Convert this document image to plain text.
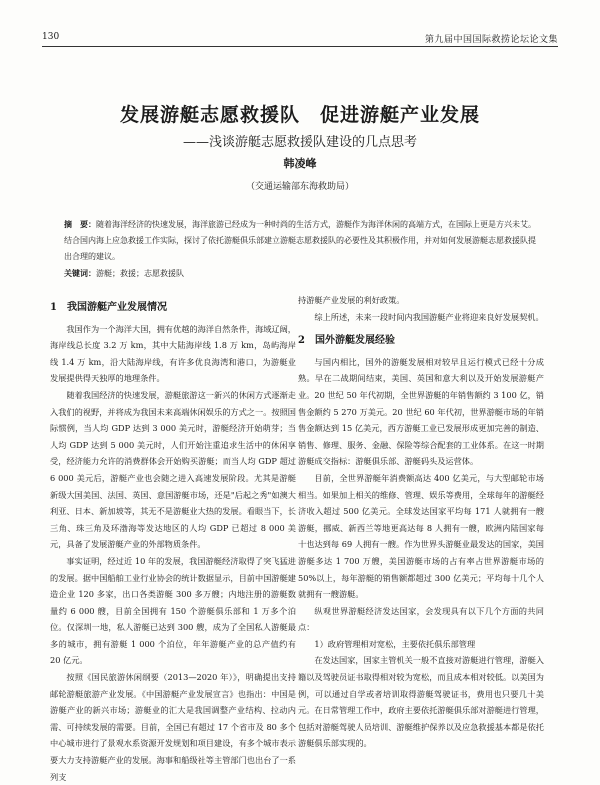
130	第九届中国国际救捞论坛论文集
发展游艇志愿救援队　促进游艇产业发展
——浅谈游艇志愿救援队建设的几点思考
韩凌峰
（交通运输部东海救助局）

摘　要：随着海洋经济的快速发展，海洋旅游已经成为一种时尚的生活方式，游艇作为海洋休闲的高端方式，在国际上更是方兴未艾。结合国内海上应急救援工作实际，探讨了依托游艇俱乐部建立游艇志愿救援队的必要性及其积极作用，并对如何发展游艇志愿救援队提出合理的建议。

关键词：游艇；救援；志愿救援队

1　我国游艇产业发展情况

我国作为一个海洋大国，拥有优越的海洋自然条件，海域辽阔，海岸线总长度 3.2 万 km，其中大陆海岸线 1.8 万 km，岛屿海岸线 1.4 万 km，沿大陆海岸线，有许多优良海湾和港口，为游艇业发展提供得天独厚的地理条件。

随着我国经济的快速发展，游艇旅游这一新兴的休闲方式逐渐走入我们的视野，并将成为我国未来高端休闲娱乐的方式之一。按照国际惯例，当人均 GDP 达到 3 000 美元时，游艇经济开始萌芽；当人均 GDP 达到 5 000 美元时，人们开始注重追求生活中的休闲享受，经济能力允许的消费群体会开始购买游艇；而当人均 GDP 超过 6 000 美元后，游艇产业也会随之进入高速发展阶段。尤其是游艇新级大国美国、法国、英国、意国游艇市场，还是"后起之秀"如澳大利亚、日本、新加坡等，其无不是游艇业大热的发展。看眼当下，长三角、珠三角及环渤海等发达地区的人均 GDP 已超过 8 000 美元，具备了发展游艇产业的外部物质条件。

事实证明，经过近 10 年的发展，我国游艇经济取得了突飞猛进的发展。据中国船舶工业行业协会的统计数据显示，目前中国游艇建造企业 120 多家，出口各类游艇 300 多万艘；内地注册的游艇数量约 6 000 艘，目前全国拥有 150 个游艇俱乐部和 1 万多个泊位。仅深圳一地，私人游艇已达到 300 艘，成为了全国私人游艇最多的城市，拥有游艇 1 000 个泊位，年年游艇产业的总产值约有 20 亿元。

按照《国民旅游休闲纲要（2013—2020 年）》，明确提出支持邮轮游艇旅游产业发展。《中国游艇产业发展宣言》也指出：中国是游艇产业的新兴市场；游艇业的汇大是我国调整产业结构、拉动内需、可持续发展的需要。目前，全国已有超过 17 个省市及 80 多个中心城市进行了景观水系资源开发规划和项目建设，有多个城市表示要大力支持游艇产业的发展。海事和船级社等主管部门也出台了一系列支

持游艇产业发展的利好政策。

综上所述，未来一段时间内我国游艇产业将迎来良好发展契机。

2　国外游艇发展经验

与国内相比，国外的游艇发展相对较早且运行模式已经十分成熟。早在二战期间结束，美国、英国和意大利以及开始发展游艇产业。20 世纪 50 年代初期，全世界游艇的年销售额约 3 100 亿，销售金额约 5 270 万美元。20 世纪 60 年代初，世界游艇市场的年销售金额达到 15 亿美元，西方游艇工业已发展形成更加完善的制造、销售、修理、服务、金融、保险等综合配套的工业体系。在这一时期游艇成交指标：游艇俱乐部、游艇码头及运营体。

目前，全世界游艇年消费额高达 400 亿美元，与大型邮轮市场相当。如果加上相关的维修、管理、娱乐等费用，全球每年的游艇经济收入超过 500 亿美元。全球发达国家平均每 171 人就拥有一艘游艇，挪威、新西兰等地更高达每 8 人拥有一艘，欧洲内陆国家每十也达到每 69 人拥有一艘。作为世界头游艇业最发达的国家，美国游艇多达 1 700 万艘，美国游艇市场的占有率占世界游艇市场的 50%以上，每年游艇的销售额都超过 300 亿美元；平均每十几个人就拥有一艘游艇。

纵观世界游艇经济发达国家，会发现具有以下几个方面的共同点：

1）政府管理相对宽松，主要依托俱乐部管理

在发达国家，国家主管机关一般不直接对游艇进行管理，游艇入籍以及驾驶员证书取得相对较为宽松，而且成本相对较低。以美国为例，可以通过自学或者培训取得游艇驾驶证书，费用也只要几十美元。在日常管理工作中，政府主要依托游艇俱乐部对游艇进行管理，包括对游艇驾驶人员培训、游艇维护保养以及应急救援基本都是依托游艇俱乐部实现的。
